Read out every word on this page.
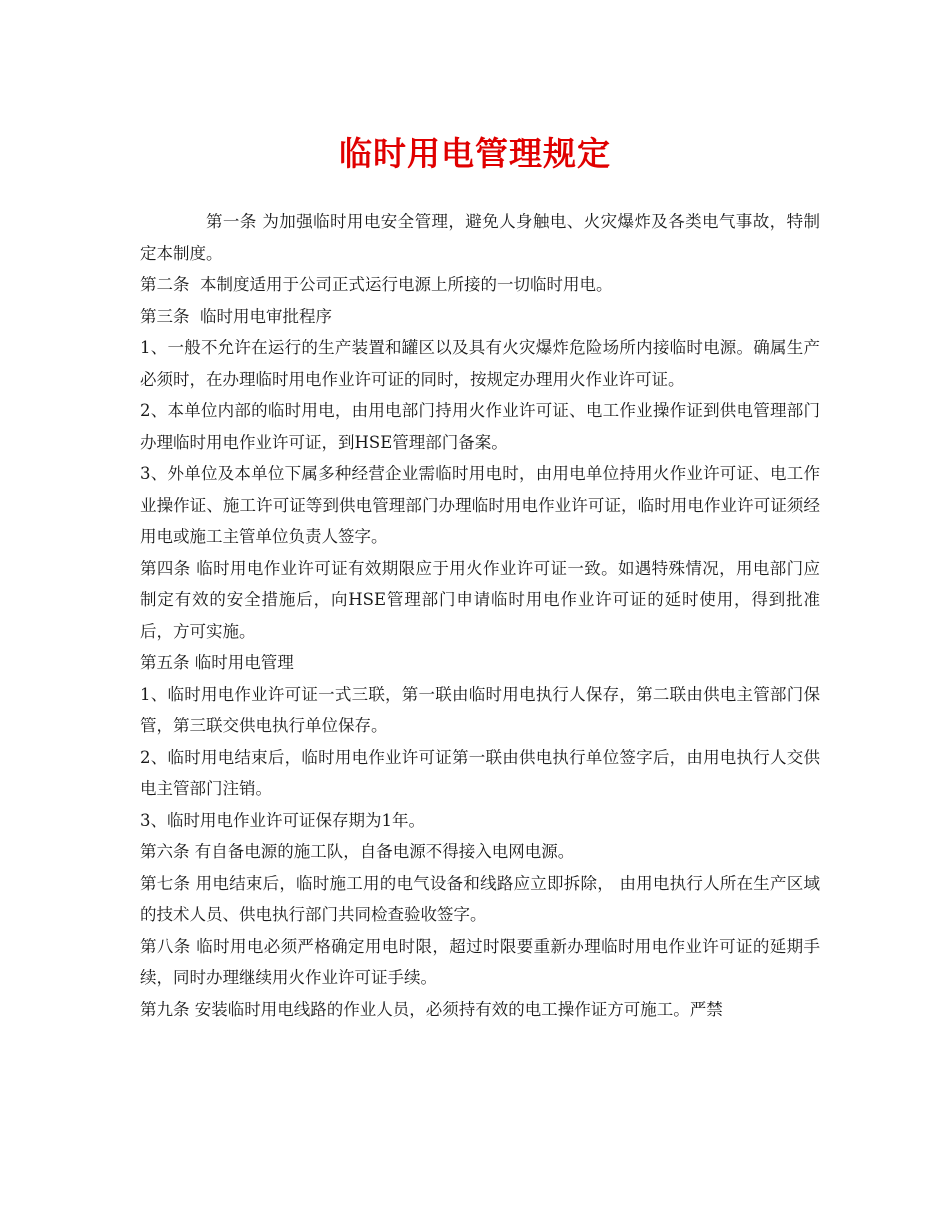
临时用电管理规定

第一条 为加强临时用电安全管理，避免人身触电、火灾爆炸及各类电气事故，特制定本制度。

第二条  本制度适用于公司正式运行电源上所接的一切临时用电。

第三条  临时用电审批程序

1、一般不允许在运行的生产装置和罐区以及具有火灾爆炸危险场所内接临时电源。确属生产必须时，在办理临时用电作业许可证的同时，按规定办理用火作业许可证。

2、本单位内部的临时用电，由用电部门持用火作业许可证、电工作业操作证到供电管理部门办理临时用电作业许可证，到HSE管理部门备案。

3、外单位及本单位下属多种经营企业需临时用电时，由用电单位持用火作业许可证、电工作业操作证、施工许可证等到供电管理部门办理临时用电作业许可证，临时用电作业许可证须经用电或施工主管单位负责人签字。

第四条 临时用电作业许可证有效期限应于用火作业许可证一致。如遇特殊情况，用电部门应制定有效的安全措施后，向HSE管理部门申请临时用电作业许可证的延时使用，得到批准后，方可实施。

第五条 临时用电管理

1、临时用电作业许可证一式三联，第一联由临时用电执行人保存，第二联由供电主管部门保管，第三联交供电执行单位保存。

2、临时用电结束后，临时用电作业许可证第一联由供电执行单位签字后，由用电执行人交供电主管部门注销。

3、临时用电作业许可证保存期为1年。

第六条 有自备电源的施工队，自备电源不得接入电网电源。

第七条 用电结束后，临时施工用的电气设备和线路应立即拆除， 由用电执行人所在生产区域的技术人员、供电执行部门共同检查验收签字。

第八条 临时用电必须严格确定用电时限，超过时限要重新办理临时用电作业许可证的延期手续，同时办理继续用火作业许可证手续。

第九条 安装临时用电线路的作业人员，必须持有效的电工操作证方可施工。严禁
